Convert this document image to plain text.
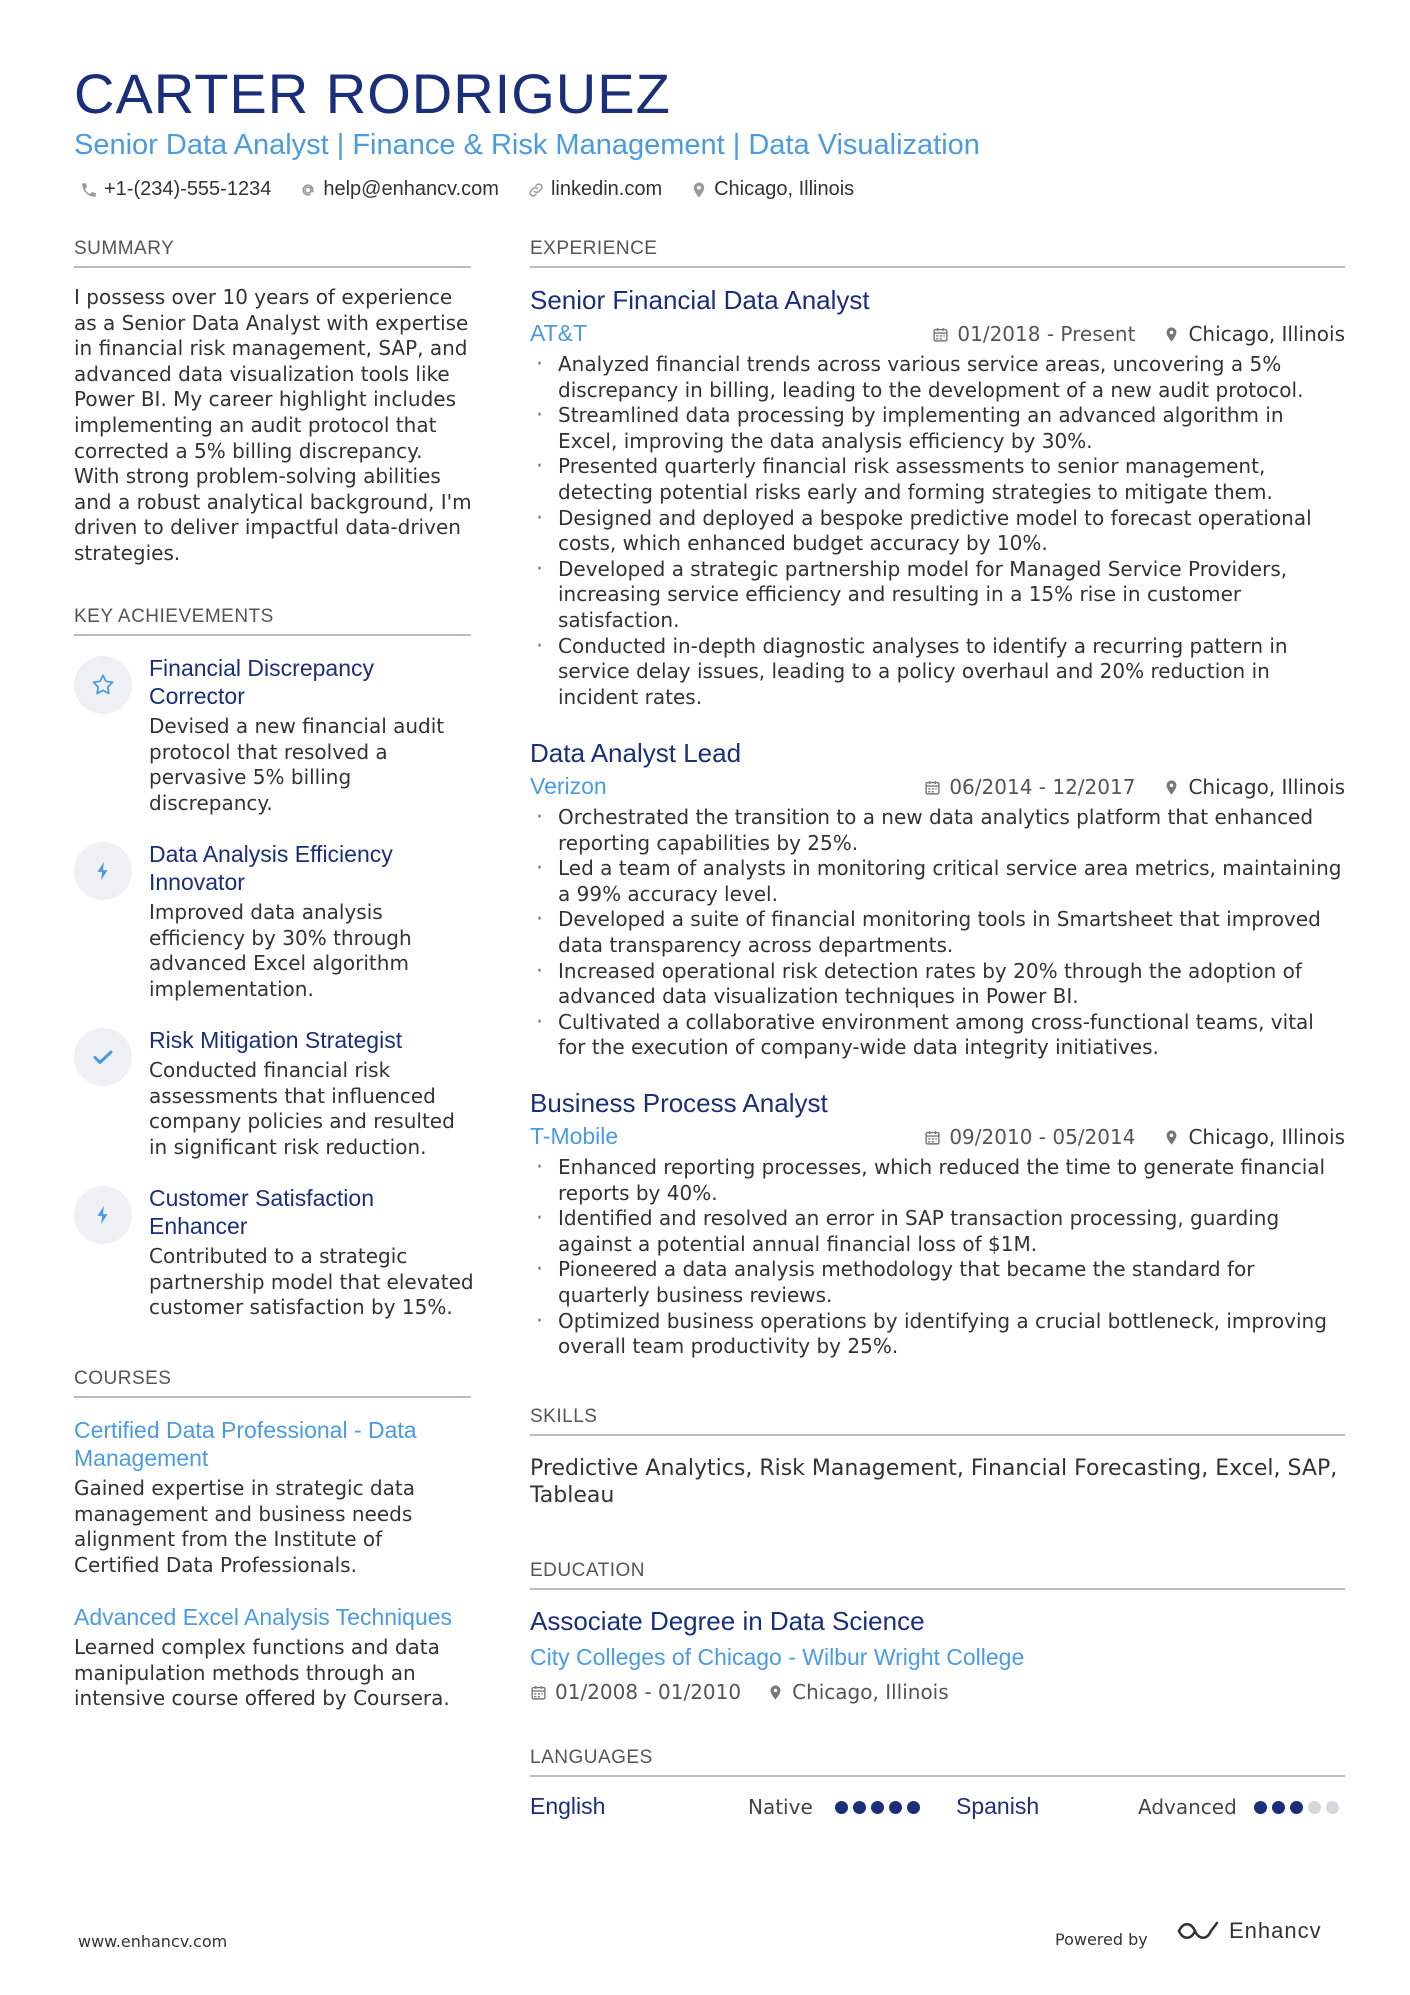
CARTER RODRIGUEZ
Senior Data Analyst | Finance & Risk Management | Data Visualization
+1-(234)-555-1234	help@enhancv.com	linkedin.com	Chicago, Illinois
SUMMARY
I possess over 10 years of experience as a Senior Data Analyst with expertise in financial risk management, SAP, and advanced data visualization tools like Power BI. My career highlight includes implementing an audit protocol that corrected a 5% billing discrepancy. With strong problem-solving abilities and a robust analytical background, I'm driven to deliver impactful data-driven strategies.
KEY ACHIEVEMENTS
Financial Discrepancy Corrector
Devised a new financial audit protocol that resolved a pervasive 5% billing discrepancy.
Data Analysis Efficiency Innovator
Improved data analysis efficiency by 30% through advanced Excel algorithm implementation.
Risk Mitigation Strategist
Conducted financial risk assessments that influenced company policies and resulted in significant risk reduction.
Customer Satisfaction Enhancer
Contributed to a strategic partnership model that elevated customer satisfaction by 15%.
COURSES
Certified Data Professional - Data Management
Gained expertise in strategic data management and business needs alignment from the Institute of Certified Data Professionals.
Advanced Excel Analysis Techniques
Learned complex functions and data manipulation methods through an intensive course offered by Coursera.
EXPERIENCE
Senior Financial Data Analyst
AT&T	01/2018 - Present	Chicago, Illinois
· Analyzed financial trends across various service areas, uncovering a 5% discrepancy in billing, leading to the development of a new audit protocol.
· Streamlined data processing by implementing an advanced algorithm in Excel, improving the data analysis efficiency by 30%.
· Presented quarterly financial risk assessments to senior management, detecting potential risks early and forming strategies to mitigate them.
· Designed and deployed a bespoke predictive model to forecast operational costs, which enhanced budget accuracy by 10%.
· Developed a strategic partnership model for Managed Service Providers, increasing service efficiency and resulting in a 15% rise in customer satisfaction.
· Conducted in-depth diagnostic analyses to identify a recurring pattern in service delay issues, leading to a policy overhaul and 20% reduction in incident rates.
Data Analyst Lead
Verizon	06/2014 - 12/2017	Chicago, Illinois
· Orchestrated the transition to a new data analytics platform that enhanced reporting capabilities by 25%.
· Led a team of analysts in monitoring critical service area metrics, maintaining a 99% accuracy level.
· Developed a suite of financial monitoring tools in Smartsheet that improved data transparency across departments.
· Increased operational risk detection rates by 20% through the adoption of advanced data visualization techniques in Power BI.
· Cultivated a collaborative environment among cross-functional teams, vital for the execution of company-wide data integrity initiatives.
Business Process Analyst
T-Mobile	09/2010 - 05/2014	Chicago, Illinois
· Enhanced reporting processes, which reduced the time to generate financial reports by 40%.
· Identified and resolved an error in SAP transaction processing, guarding against a potential annual financial loss of $1M.
· Pioneered a data analysis methodology that became the standard for quarterly business reviews.
· Optimized business operations by identifying a crucial bottleneck, improving overall team productivity by 25%.
SKILLS
Predictive Analytics, Risk Management, Financial Forecasting, Excel, SAP, Tableau
EDUCATION
Associate Degree in Data Science
City Colleges of Chicago - Wilbur Wright College
01/2008 - 01/2010	Chicago, Illinois
LANGUAGES
English	Native	Spanish	Advanced
www.enhancv.com	Powered by	Enhancv
